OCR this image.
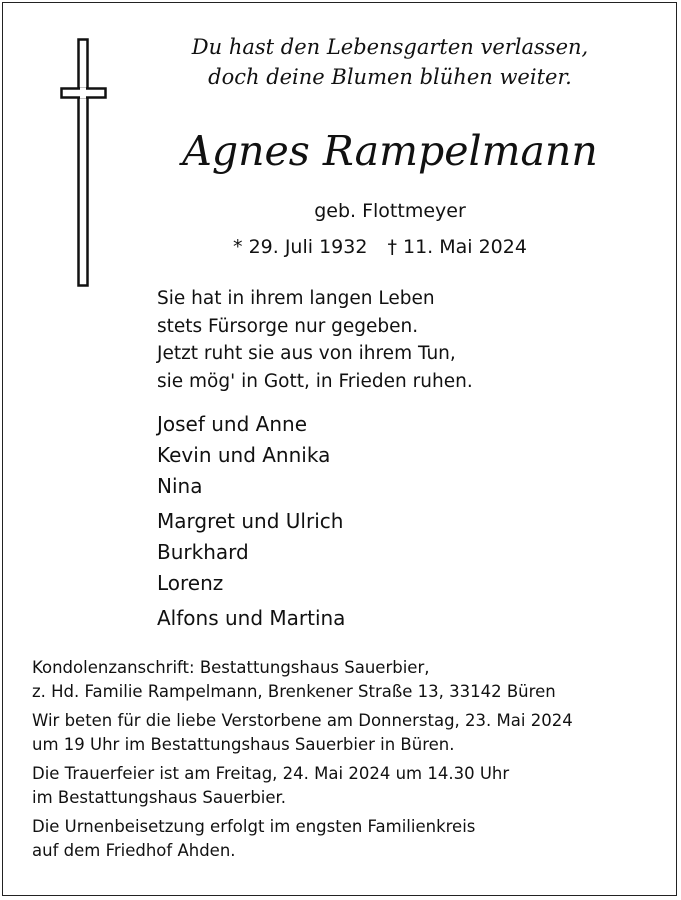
Du hast den Lebensgarten verlassen,
doch deine Blumen blühen weiter.
Agnes Rampelmann
geb. Flottmeyer
* 29. Juli 1932 † 11. Mai 2024
Sie hat in ihrem langen Leben
stets Fürsorge nur gegeben.
Jetzt ruht sie aus von ihrem Tun,
sie mög' in Gott, in Frieden ruhen.
Josef und Anne
Kevin und Annika
Nina
Margret und Ulrich
Burkhard
Lorenz
Alfons und Martina
Kondolenzanschrift: Bestattungshaus Sauerbier,
z. Hd. Familie Rampelmann, Brenkener Straße 13, 33142 Büren
Wir beten für die liebe Verstorbene am Donnerstag, 23. Mai 2024
um 19 Uhr im Bestattungshaus Sauerbier in Büren.
Die Trauerfeier ist am Freitag, 24. Mai 2024 um 14.30 Uhr
im Bestattungshaus Sauerbier.
Die Urnenbeisetzung erfolgt im engsten Familienkreis
auf dem Friedhof Ahden.
